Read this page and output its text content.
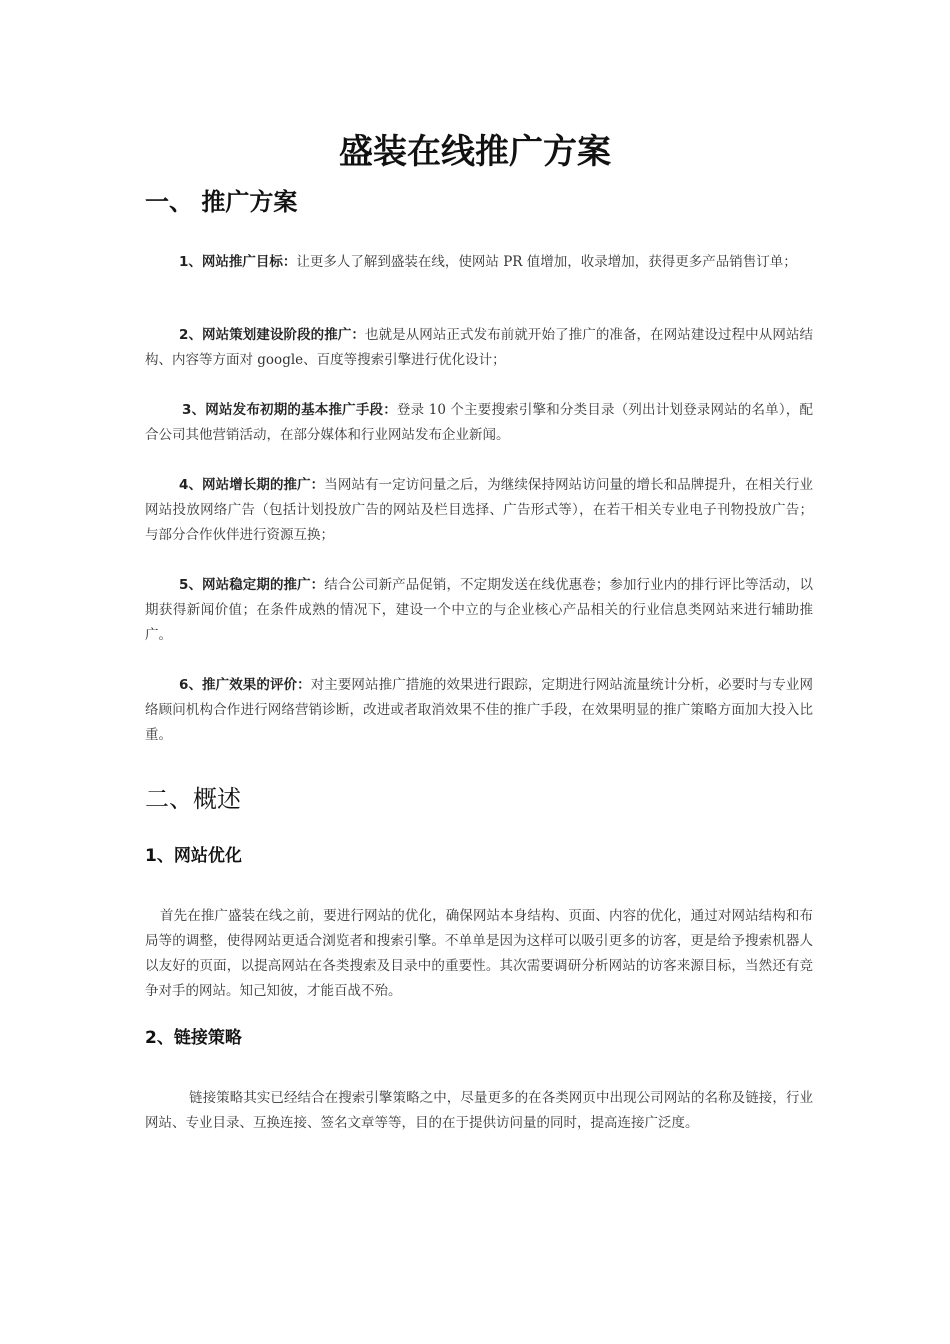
盛装在线推广方案
一、 推广方案
1、网站推广目标：让更多人了解到盛装在线，使网站 PR 值增加，收录增加，获得更多产品销售订单；
2、网站策划建设阶段的推广：也就是从网站正式发布前就开始了推广的准备，在网站建设过程中从网站结构、内容等方面对 google、百度等搜索引擎进行优化设计；
3、网站发布初期的基本推广手段：登录 10 个主要搜索引擎和分类目录（列出计划登录网站的名单），配合公司其他营销活动，在部分媒体和行业网站发布企业新闻。
4、网站增长期的推广：当网站有一定访问量之后，为继续保持网站访问量的增长和品牌提升，在相关行业网站投放网络广告（包括计划投放广告的网站及栏目选择、广告形式等），在若干相关专业电子刊物投放广告；与部分合作伙伴进行资源互换；
5、网站稳定期的推广：结合公司新产品促销，不定期发送在线优惠卷；参加行业内的排行评比等活动，以期获得新闻价值；在条件成熟的情况下，建设一个中立的与企业核心产品相关的行业信息类网站来进行辅助推广。
6、推广效果的评价：对主要网站推广措施的效果进行跟踪，定期进行网站流量统计分析，必要时与专业网络顾问机构合作进行网络营销诊断，改进或者取消效果不佳的推广手段，在效果明显的推广策略方面加大投入比重。
二、概述
1、网站优化
首先在推广盛装在线之前，要进行网站的优化，确保网站本身结构、页面、内容的优化，通过对网站结构和布局等的调整，使得网站更适合浏览者和搜索引擎。不单单是因为这样可以吸引更多的访客，更是给予搜索机器人以友好的页面，以提高网站在各类搜索及目录中的重要性。其次需要调研分析网站的访客来源目标，当然还有竞争对手的网站。知己知彼，才能百战不殆。
2、链接策略
链接策略其实已经结合在搜索引擎策略之中，尽量更多的在各类网页中出现公司网站的名称及链接，行业网站、专业目录、互换连接、签名文章等等，目的在于提供访问量的同时，提高连接广泛度。
